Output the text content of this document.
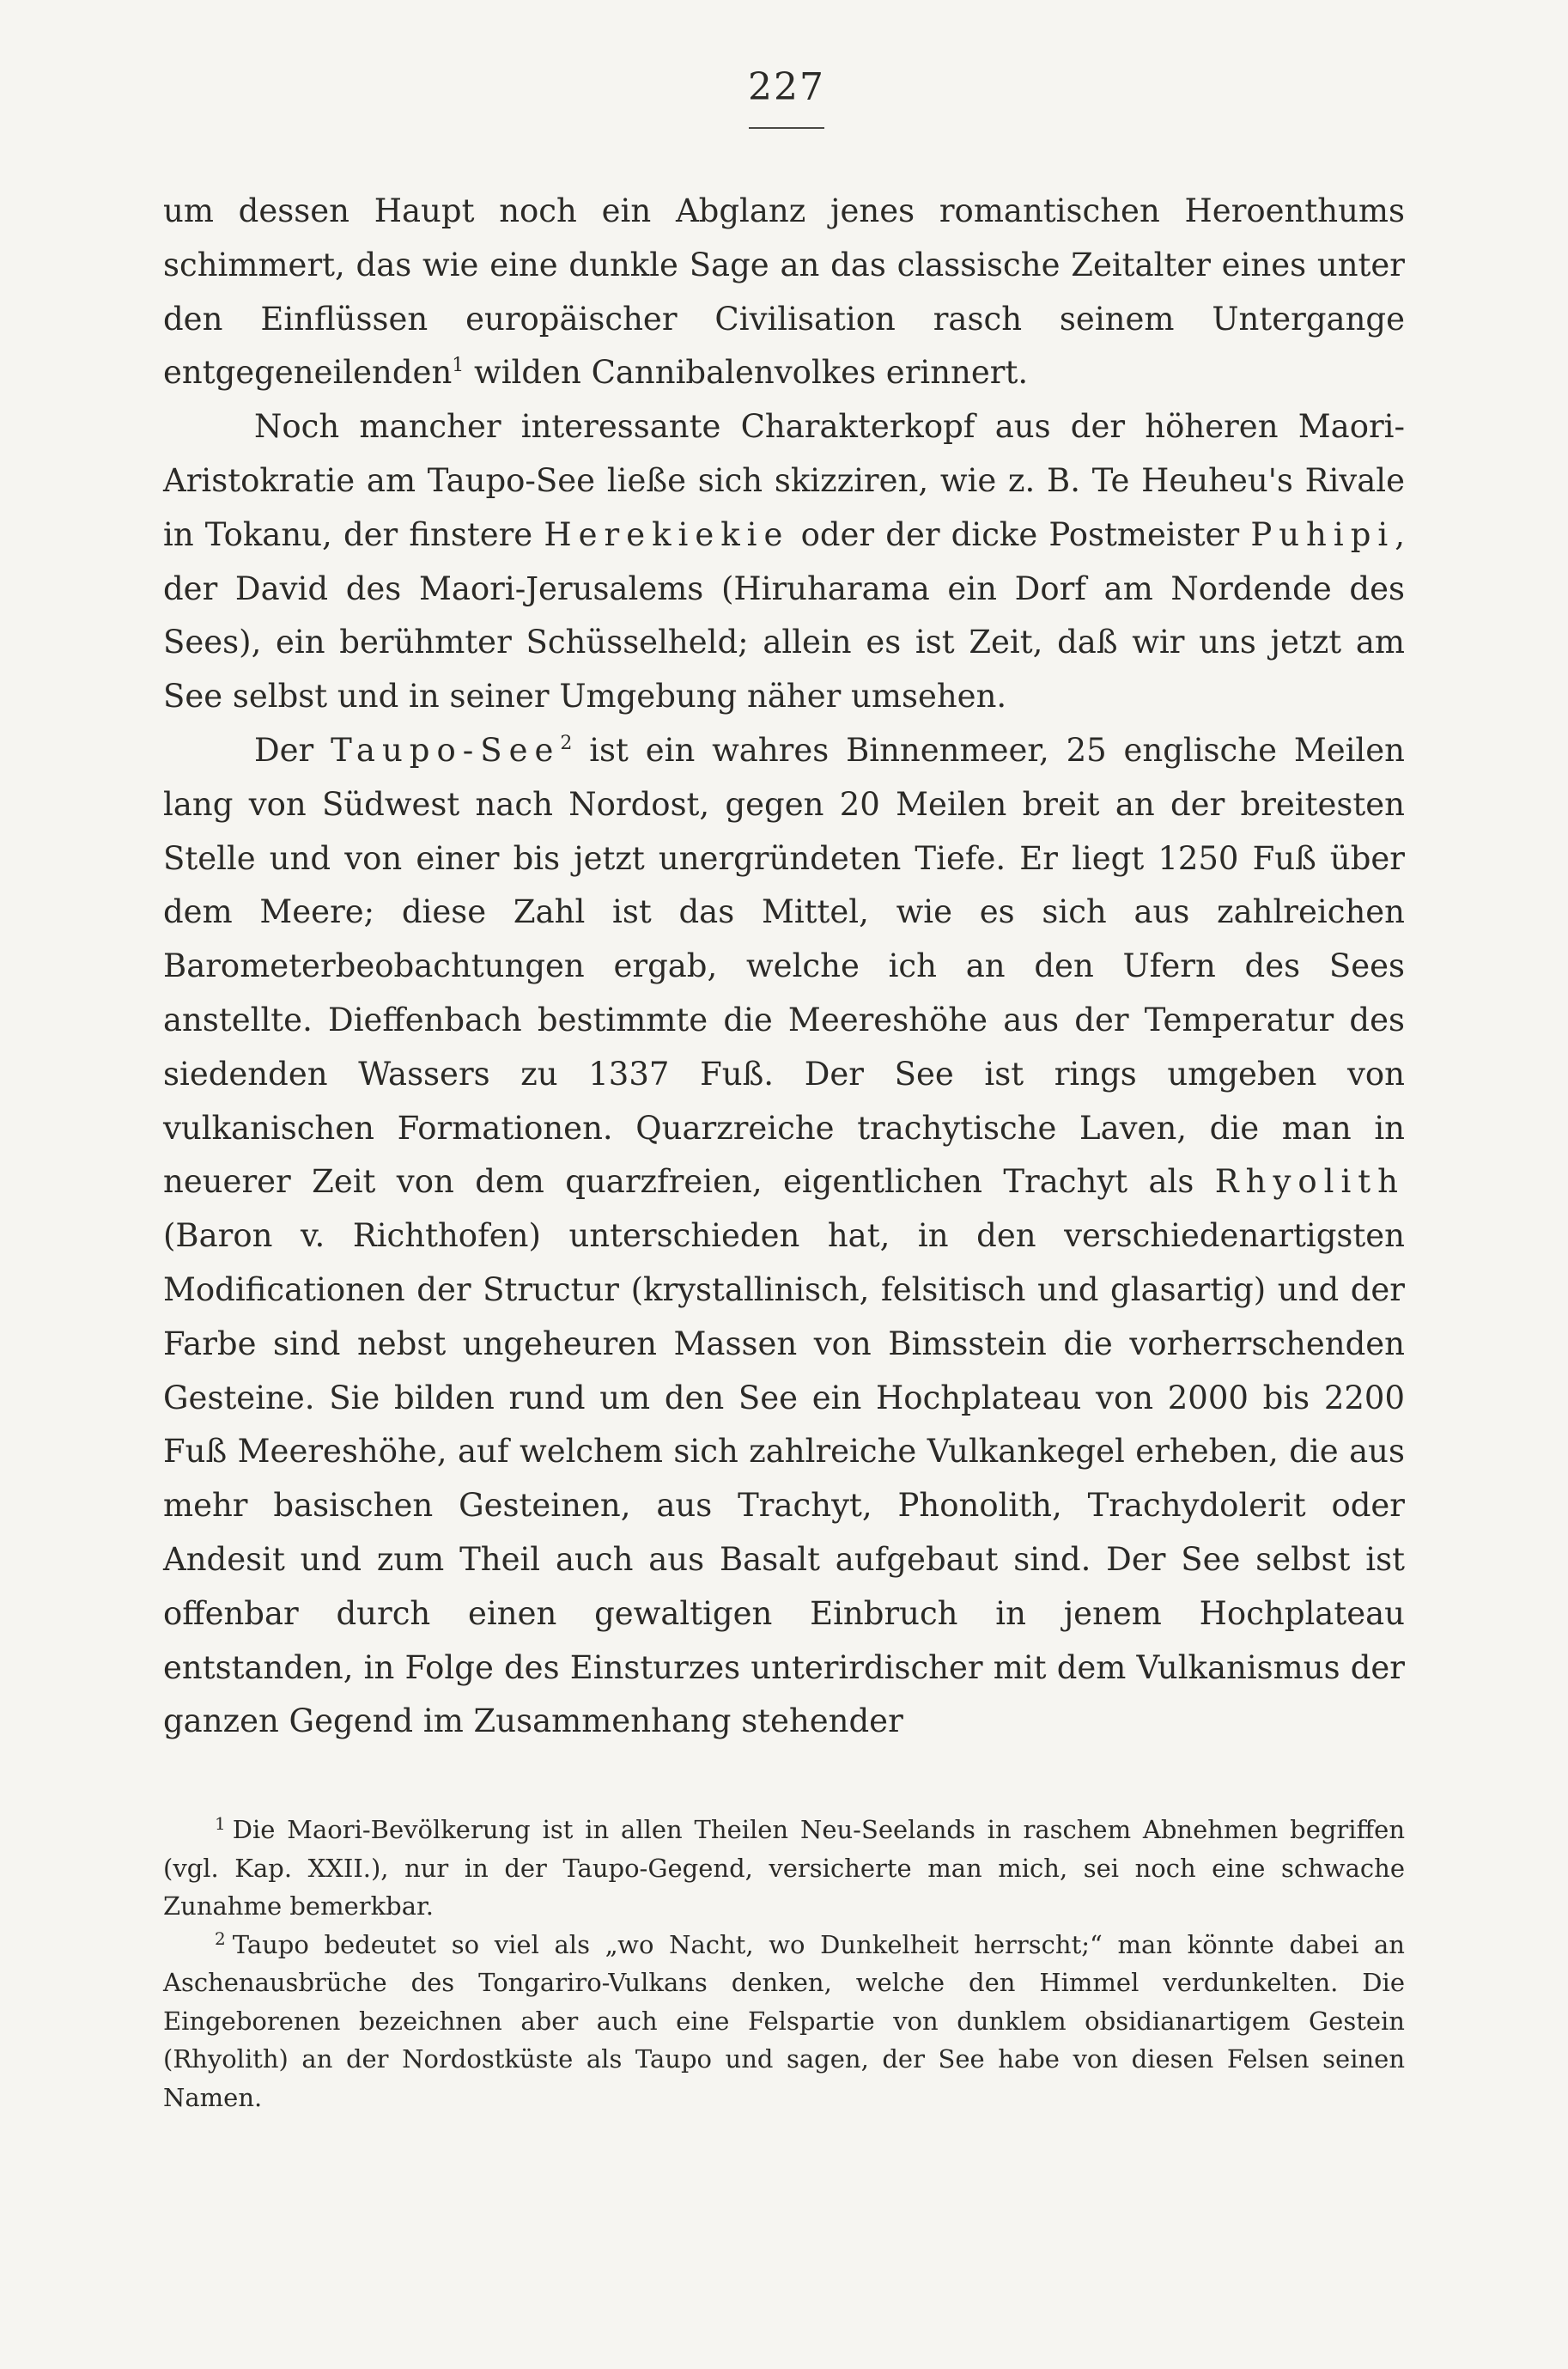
227

um dessen Haupt noch ein Abglanz jenes romantischen Heroenthums schimmert, das wie eine dunkle Sage an das classische Zeitalter eines unter den Einflüssen europäischer Civilisation rasch seinem Untergange entgegeneilenden$^1$ wilden Cannibalenvolkes erinnert.

Noch mancher interessante Charakterkopf aus der höheren Maori-Aristokratie am Taupo-See ließe sich skizziren, wie z. B. Te Heuheu's Rivale in Tokanu, der finstere Herekiekie oder der dicke Postmeister Puhipi, der David des Maori-Jerusalems (Hiruharama ein Dorf am Nordende des Sees), ein berühmter Schüsselheld; allein es ist Zeit, daß wir uns jetzt am See selbst und in seiner Umgebung näher umsehen.

Der Taupo-See$^2$ ist ein wahres Binnenmeer, 25 englische Meilen lang von Südwest nach Nordost, gegen 20 Meilen breit an der breitesten Stelle und von einer bis jetzt unergründeten Tiefe. Er liegt 1250 Fuß über dem Meere; diese Zahl ist das Mittel, wie es sich aus zahlreichen Barometerbeobachtungen ergab, welche ich an den Ufern des Sees anstellte. Dieffenbach bestimmte die Meereshöhe aus der Temperatur des siedenden Wassers zu 1337 Fuß. Der See ist rings umgeben von vulkanischen Formationen. Quarzreiche trachytische Laven, die man in neuerer Zeit von dem quarzfreien, eigentlichen Trachyt als Rhyolith (Baron v. Richthofen) unterschieden hat, in den verschiedenartigsten Modificationen der Structur (krystallinisch, felsitisch und glasartig) und der Farbe sind nebst ungeheuren Massen von Bimsstein die vorherrschenden Gesteine. Sie bilden rund um den See ein Hochplateau von 2000 bis 2200 Fuß Meereshöhe, auf welchem sich zahlreiche Vulkankegel erheben, die aus mehr basischen Gesteinen, aus Trachyt, Phonolith, Trachydolerit oder Andesit und zum Theil auch aus Basalt aufgebaut sind. Der See selbst ist offenbar durch einen gewaltigen Einbruch in jenem Hochplateau entstanden, in Folge des Einsturzes unterirdischer mit dem Vulkanismus der ganzen Gegend im Zusammenhang stehender

$^1$ Die Maori-Bevölkerung ist in allen Theilen Neu-Seelands in raschem Abnehmen begriffen (vgl. Kap. XXII.), nur in der Taupo-Gegend, versicherte man mich, sei noch eine schwache Zunahme bemerkbar.

$^2$ Taupo bedeutet so viel als „wo Nacht, wo Dunkelheit herrscht;“ man könnte dabei an Aschenausbrüche des Tongariro-Vulkans denken, welche den Himmel verdunkelten. Die Eingeborenen bezeichnen aber auch eine Felspartie von dunklem obsidianartigem Gestein (Rhyolith) an der Nordostküste als Taupo und sagen, der See habe von diesen Felsen seinen Namen.
